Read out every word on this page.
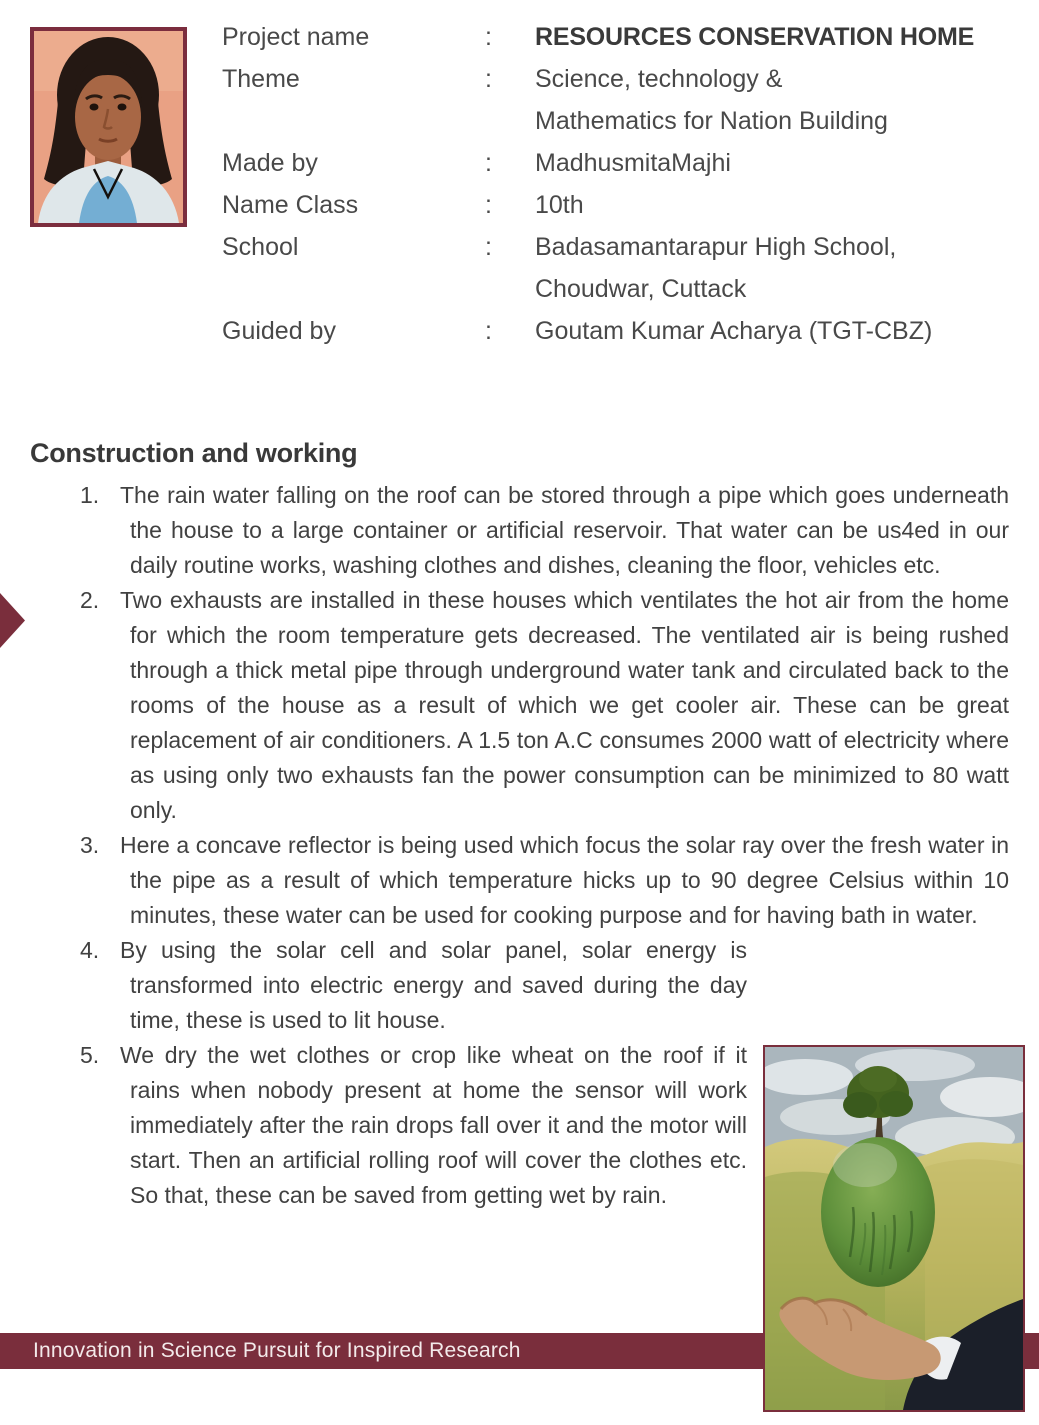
Project name	:	RESOURCES CONSERVATION HOME
Theme	:	Science, technology &
Mathematics for Nation Building
Made by	:	MadhusmitaMajhi
Name Class	:	10th
School	:	Badasamantarapur High School,
Choudwar, Cuttack
Guided by	:	Goutam Kumar Acharya (TGT-CBZ)
Construction and working
1. The rain water falling on the roof can be stored through a pipe which goes underneath the house to a large container or artificial reservoir. That water can be us4ed in our daily routine works, washing clothes and dishes, cleaning the floor, vehicles etc.
2. Two exhausts are installed in these houses which ventilates the hot air from the home for which the room temperature gets decreased. The ventilated air is being rushed through a thick metal pipe through underground water tank and circulated back to the rooms of the house as a result of which we get cooler air. These can be great replacement of air conditioners. A 1.5 ton A.C consumes 2000 watt of electricity where as using only two exhausts fan the power consumption can be minimized to 80 watt only.
3. Here a concave reflector is being used which focus the solar ray over the fresh water in the pipe as a result of which temperature hicks up to 90 degree Celsius within 10 minutes, these water can be used for cooking purpose and for having bath in water.
4. By using the solar cell and solar panel, solar energy is transformed into electric energy and saved during the day time, these is used to lit house.
5. We dry the wet clothes or crop like wheat on the roof if it rains when nobody present at home the sensor will work immediately after the rain drops fall over it and the motor will start. Then an artificial rolling roof will cover the clothes etc. So that, these can be saved from getting wet by rain.
Innovation in Science Pursuit for Inspired Research
